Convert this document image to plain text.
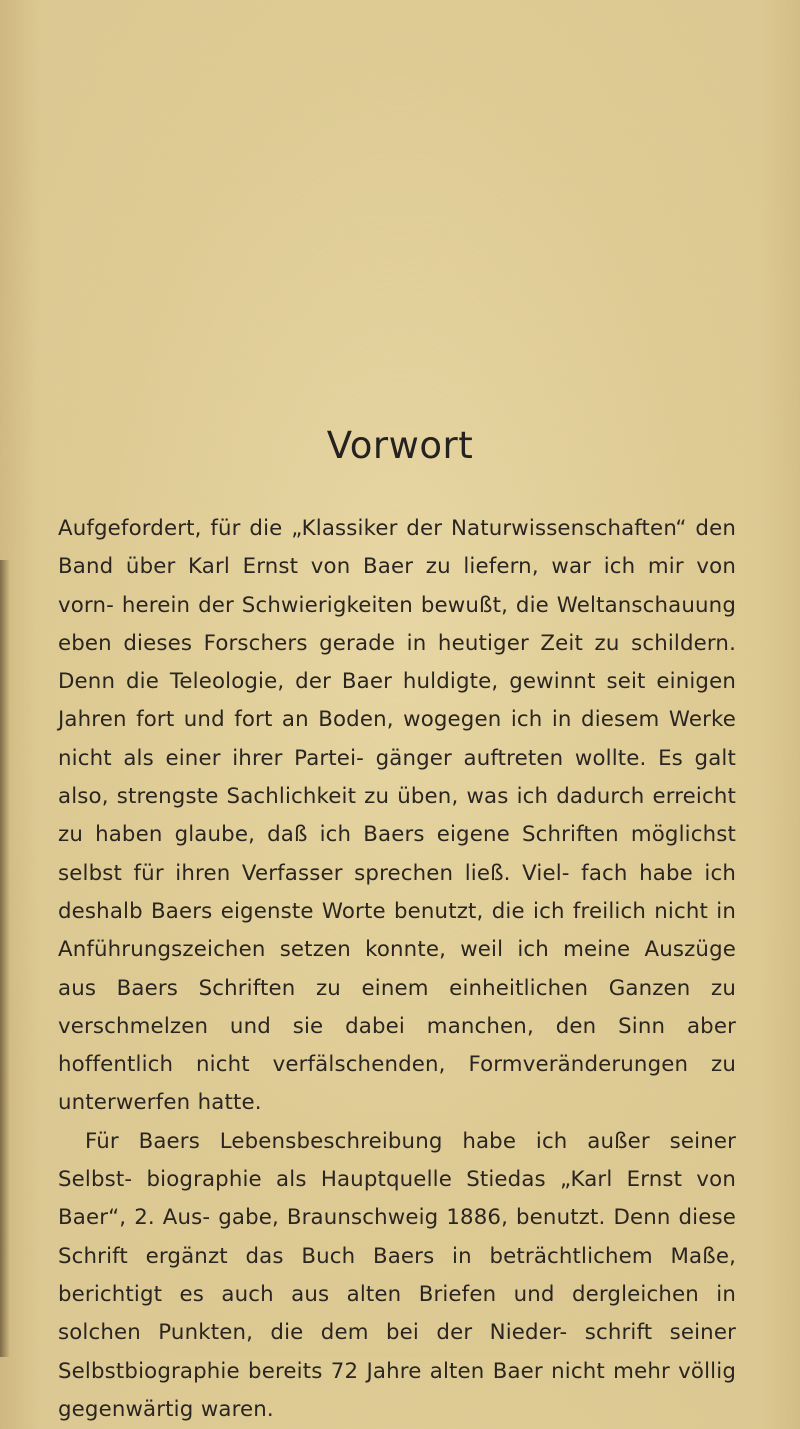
Vorwort

Aufgefordert, für die „Klassiker der Naturwissenschaften“ den Band über Karl Ernst von Baer zu liefern, war ich mir von vorn- herein der Schwierigkeiten bewußt, die Weltanschauung eben dieses Forschers gerade in heutiger Zeit zu schildern. Denn die Teleologie, der Baer huldigte, gewinnt seit einigen Jahren fort und fort an Boden, wogegen ich in diesem Werke nicht als einer ihrer Partei- gänger auftreten wollte. Es galt also, strengste Sachlichkeit zu üben, was ich dadurch erreicht zu haben glaube, daß ich Baers eigene Schriften möglichst selbst für ihren Verfasser sprechen ließ. Viel- fach habe ich deshalb Baers eigenste Worte benutzt, die ich freilich nicht in Anführungszeichen setzen konnte, weil ich meine Auszüge aus Baers Schriften zu einem einheitlichen Ganzen zu verschmelzen und sie dabei manchen, den Sinn aber hoffentlich nicht verfälschenden, Formveränderungen zu unterwerfen hatte.

Für Baers Lebensbeschreibung habe ich außer seiner Selbst- biographie als Hauptquelle Stiedas „Karl Ernst von Baer“, 2. Aus- gabe, Braunschweig 1886, benutzt. Denn diese Schrift ergänzt das Buch Baers in beträchtlichem Maße, berichtigt es auch aus alten Briefen und dergleichen in solchen Punkten, die dem bei der Nieder- schrift seiner Selbstbiographie bereits 72 Jahre alten Baer nicht mehr völlig gegenwärtig waren.
